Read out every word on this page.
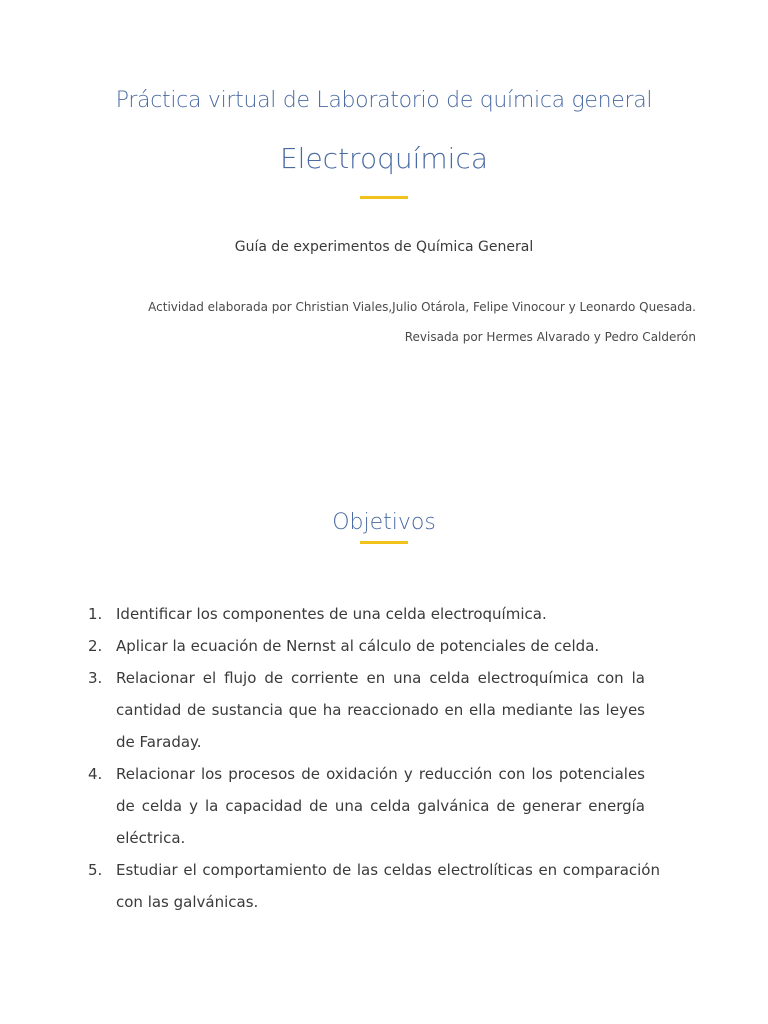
Práctica virtual de Laboratorio de química general
Electroquímica
Guía de experimentos de Química General
Actividad elaborada por Christian Viales,Julio Otárola, Felipe Vinocour y Leonardo Quesada.
Revisada por Hermes Alvarado y Pedro Calderón
Objetivos
1. Identificar los componentes de una celda electroquímica.
2. Aplicar la ecuación de Nernst al cálculo de potenciales de celda.
3. Relacionar el flujo de corriente en una celda electroquímica con la cantidad de sustancia que ha reaccionado en ella mediante las leyes de Faraday.
4. Relacionar los procesos de oxidación y reducción con los potenciales de celda y la capacidad de una celda galvánica de generar energía eléctrica.
5. Estudiar el comportamiento de las celdas electrolíticas en comparación con las galvánicas.
